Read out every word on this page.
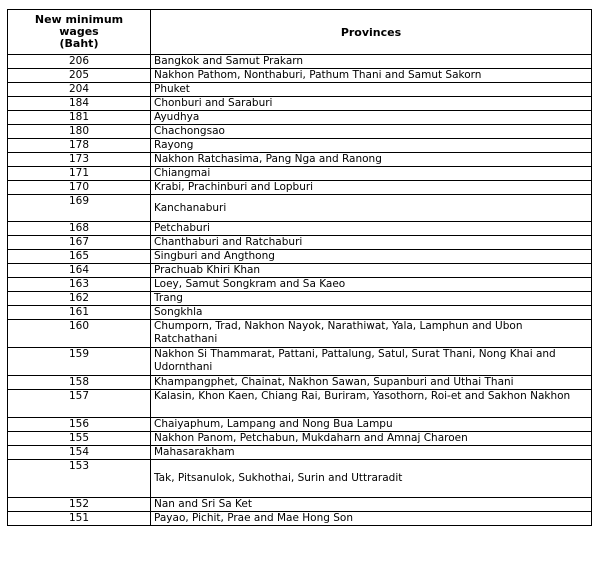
New minimum
wages
(Baht)	Provinces
206	Bangkok and Samut Prakarn
205	Nakhon Pathom, Nonthaburi, Pathum Thani and Samut Sakorn
204	Phuket
184	Chonburi and Saraburi
181	Ayudhya
180	Chachongsao
178	Rayong
173	Nakhon Ratchasima, Pang Nga and Ranong
171	Chiangmai
170	Krabi, Prachinburi and Lopburi
169	Kanchanaburi
168	Petchaburi
167	Chanthaburi and Ratchaburi
165	Singburi and Angthong
164	Prachuab Khiri Khan
163	Loey, Samut Songkram and Sa Kaeo
162	Trang
161	Songkhla
160	Chumporn, Trad, Nakhon Nayok, Narathiwat, Yala, Lamphun and Ubon Ratchathani
159	Nakhon Si Thammarat, Pattani, Pattalung, Satul, Surat Thani, Nong Khai and Udornthani
158	Khampangphet, Chainat, Nakhon Sawan, Supanburi and Uthai Thani
157	Kalasin, Khon Kaen, Chiang Rai, Buriram, Yasothorn, Roi-et and Sakhon Nakhon
156	Chaiyaphum, Lampang and Nong Bua Lampu
155	Nakhon Panom, Petchabun, Mukdaharn and Amnaj Charoen
154	Mahasarakham
153	Tak, Pitsanulok, Sukhothai, Surin and Uttraradit
152	Nan and Sri Sa Ket
151	Payao, Pichit, Prae and Mae Hong Son
